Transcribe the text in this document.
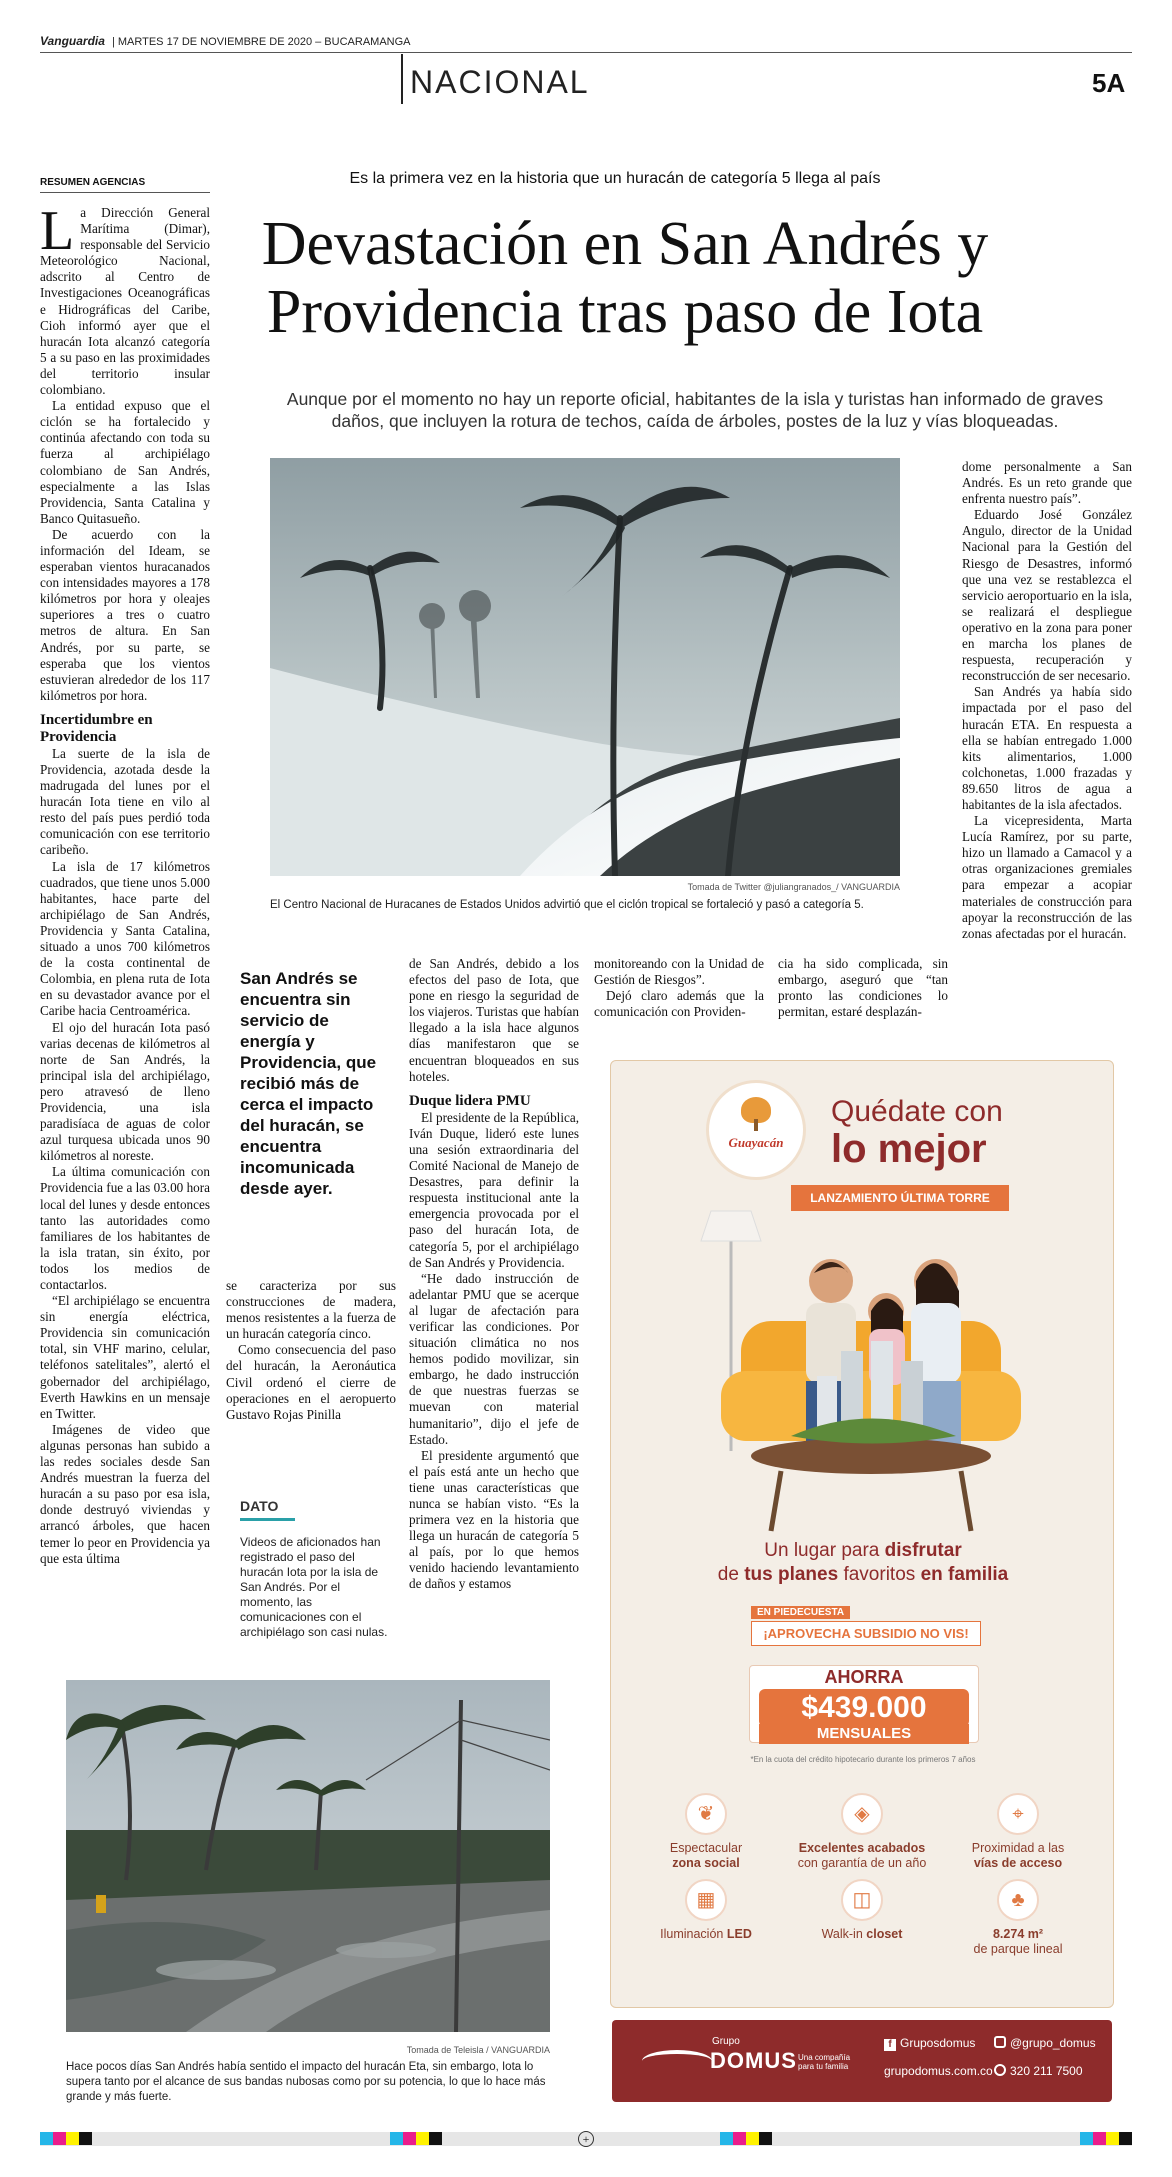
Vanguardia | MARTES 17 DE NOVIEMBRE DE 2020 – BUCARAMANGA
NACIONAL	5A
RESUMEN AGENCIAS	Es la primera vez en la historia que un huracán de categoría 5 llega al país
Devastación en San Andrés y
Providencia tras paso de Iota
Aunque por el momento no hay un reporte oficial, habitantes de la isla y turistas han informado de graves
daños, que incluyen la rotura de techos, caída de árboles, postes de la luz y vías bloqueadas.

La Dirección General Marítima (Dimar), responsable del Servicio Meteorológico Nacional, adscrito al Centro de Investigaciones Oceanográficas e Hidrográficas del Caribe, Cioh informó ayer que el huracán Iota alcanzó categoría 5 a su paso en las proximidades del territorio insular colombiano.

La entidad expuso que el ciclón se ha fortalecido y continúa afectando con toda su fuerza al archipiélago colombiano de San Andrés, especialmente a las Islas Providencia, Santa Catalina y Banco Quitasueño.

De acuerdo con la información del Ideam, se esperaban vientos huracanados con intensidades mayores a 178 kilómetros por hora y oleajes superiores a tres o cuatro metros de altura. En San Andrés, por su parte, se esperaba que los vientos estuvieran alrededor de los 117 kilómetros por hora.

Incertidumbre en Providencia

La suerte de la isla de Providencia, azotada desde la madrugada del lunes por el huracán Iota tiene en vilo al resto del país pues perdió toda comunicación con ese territorio caribeño.

La isla de 17 kilómetros cuadrados, que tiene unos 5.000 habitantes, hace parte del archipiélago de San Andrés, Providencia y Santa Catalina, situado a unos 700 kilómetros de la costa continental de Colombia, en plena ruta de Iota en su devastador avance por el Caribe hacia Centroamérica.

El ojo del huracán Iota pasó varias decenas de kilómetros al norte de San Andrés, la principal isla del archipiélago, pero atravesó de lleno Providencia, una isla paradisíaca de aguas de color azul turquesa ubicada unos 90 kilómetros al noreste.

La última comunicación con Providencia fue a las 03.00 hora local del lunes y desde entonces tanto las autoridades como familiares de los habitantes de la isla tratan, sin éxito, por todos los medios de contactarlos.

“El archipiélago se encuentra sin energía eléctrica, Providencia sin comunicación total, sin VHF marino, celular, teléfonos satelitales”, alertó el gobernador del archipiélago, Everth Hawkins en un mensaje en Twitter.

Imágenes de video que algunas personas han subido a las redes sociales desde San Andrés muestran la fuerza del huracán a su paso por esa isla, donde destruyó viviendas y arrancó árboles, que hacen temer lo peor en Providencia ya que esta última

Tomada de Twitter @juliangranados_/ VANGUARDIA
El Centro Nacional de Huracanes de Estados Unidos advirtió que el ciclón tropical se fortaleció y pasó a categoría 5.

dome personalmente a San Andrés. Es un reto grande que enfrenta nuestro país”.

Eduardo José González Angulo, director de la Unidad Nacional para la Gestión del Riesgo de Desastres, informó que una vez se restablezca el servicio aeroportuario en la isla, se realizará el despliegue operativo en la zona para poner en marcha los planes de respuesta, recuperación y reconstrucción de ser necesario.

San Andrés ya había sido impactada por el paso del huracán ETA. En respuesta a ella se habían entregado 1.000 kits alimentarios, 1.000 colchonetas, 1.000 frazadas y 89.650 litros de agua a habitantes de la isla afectados.

La vicepresidenta, Marta Lucía Ramírez, por su parte, hizo un llamado a Camacol y a otras organizaciones gremiales para empezar a acopiar materiales de construcción para apoyar la reconstrucción de las zonas afectadas por el huracán.

San Andrés se encuentra sin servicio de energía y Providencia, que recibió más de cerca el impacto del huracán, se encuentra incomunicada desde ayer.

se caracteriza por sus construcciones de madera, menos resistentes a la fuerza de un huracán categoría cinco.

Como consecuencia del paso del huracán, la Aeronáutica Civil ordenó el cierre de operaciones en el aeropuerto Gustavo Rojas Pinilla

DATO
Videos de aficionados han registrado el paso del huracán Iota por la isla de San Andrés. Por el momento, las comunicaciones con el archipiélago son casi nulas.

de San Andrés, debido a los efectos del paso de Iota, que pone en riesgo la seguridad de los viajeros. Turistas que habían llegado a la isla hace algunos días manifestaron que se encuentran bloqueados en sus hoteles.

Duque lidera PMU

El presidente de la República, Iván Duque, lideró este lunes una sesión extraordinaria del Comité Nacional de Manejo de Desastres, para definir la respuesta institucional ante la emergencia provocada por el paso del huracán Iota, de categoría 5, por el archipiélago de San Andrés y Providencia.

“He dado instrucción de adelantar PMU que se acerque al lugar de afectación para verificar las condiciones. Por situación climática no nos hemos podido movilizar, sin embargo, he dado instrucción de que nuestras fuerzas se muevan con material humanitario”, dijo el jefe de Estado.

El presidente argumentó que el país está ante un hecho que tiene unas características que nunca se habían visto. “Es la primera vez en la historia que llega un huracán de categoría 5 al país, por lo que hemos venido haciendo levantamiento de daños y estamos

monitoreando con la Unidad de Gestión de Riesgos”.

Dejó claro además que la comunicación con Providen-

cia ha sido complicada, sin embargo, aseguró que “tan pronto las condiciones lo permitan, estaré desplazán-

Tomada de Teleisla / VANGUARDIA
Hace pocos días San Andrés había sentido el impacto del huracán Eta, sin embargo, Iota lo supera tanto por el alcance de sus bandas nubosas como por su potencia, lo que lo hace más grande y más fuerte.
Guayacán
Quédate con
lo mejor
LANZAMIENTO ÚLTIMA TORRE
Un lugar para disfrutar
de tus planes favoritos en familia
EN PIEDECUESTA
¡APROVECHA SUBSIDIO NO VIS!
AHORRA
$439.000
MENSUALES
*En la cuota del crédito hipotecario durante los primeros 7 años
❦
Espectacular
zona social
◈
Excelentes acabados
con garantía de un año
⌖
Proximidad a las
vías de acceso
▦
Iluminación LED
◫
Walk-in closet
♣
8.274 m²
de parque lineal
Grupo
DOMUS Una compañía para tu familia
f Gruposdomus	@grupo_domus
grupodomus.com.co	320 211 7500
+
